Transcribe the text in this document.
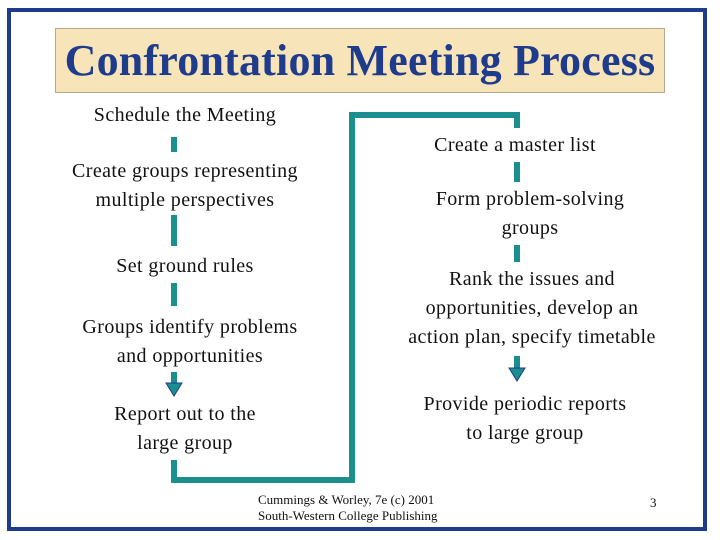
Confrontation Meeting Process
Schedule the Meeting
Create groups representing
multiple perspectives
Set ground rules
Groups identify problems
and opportunities
Report out to the
large group
Create a master list
Form problem-solving
groups
Rank the issues and
opportunities, develop an
action plan, specify timetable
Provide periodic reports
to large group
Cummings & Worley, 7e (c) 2001
South-Western College Publishing
3
